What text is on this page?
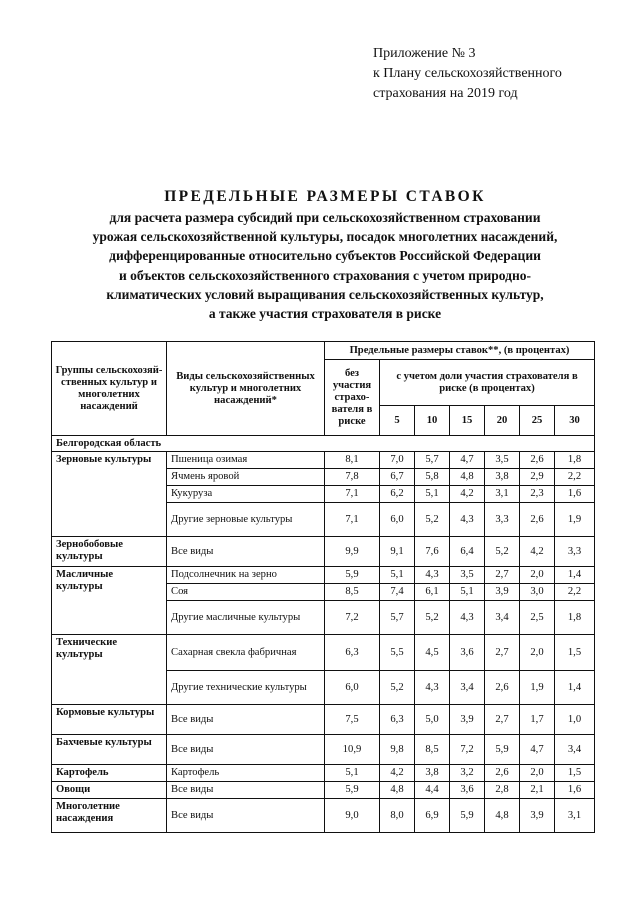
Приложение № 3
к Плану сельскохозяйственного
страхования на 2019 год
ПРЕДЕЛЬНЫЕ РАЗМЕРЫ СТАВОК
для расчета размера субсидий при сельскохозяйственном страховании
урожая сельскохозяйственной культуры, посадок многолетних насаждений,
дифференцированные относительно субъектов Российской Федерации
и объектов сельскохозяйственного страхования с учетом природно-
климатических условий выращивания сельскохозяйственных культур,
а также участия страхователя в риске
Группы сельскохозяй-ственных культур и многолетних насаждений	Виды сельскохозяйственных культур и многолетних насаждений*	Предельные размеры ставок**, (в процентах)						
		без участия страхо-вателя в риске	с учетом доли участия страхователя в риске (в процентах)					
			5	10	15	20	25	30
Белгородская область								
Зерновые культуры	Пшеница озимая	8,1	7,0	5,7	4,7	3,5	2,6	1,8
	Ячмень яровой	7,8	6,7	5,8	4,8	3,8	2,9	2,2
	Кукуруза	7,1	6,2	5,1	4,2	3,1	2,3	1,6
	Другие зерновые культуры	7,1	6,0	5,2	4,3	3,3	2,6	1,9
Зернобобовые культуры	Все виды	9,9	9,1	7,6	6,4	5,2	4,2	3,3
Масличные культуры	Подсолнечник на зерно	5,9	5,1	4,3	3,5	2,7	2,0	1,4
	Соя	8,5	7,4	6,1	5,1	3,9	3,0	2,2
	Другие масличные культуры	7,2	5,7	5,2	4,3	3,4	2,5	1,8
Технические культуры	Сахарная свекла фабричная	6,3	5,5	4,5	3,6	2,7	2,0	1,5
	Другие технические культуры	6,0	5,2	4,3	3,4	2,6	1,9	1,4
Кормовые культуры	Все виды	7,5	6,3	5,0	3,9	2,7	1,7	1,0
Бахчевые культуры	Все виды	10,9	9,8	8,5	7,2	5,9	4,7	3,4
Картофель	Картофель	5,1	4,2	3,8	3,2	2,6	2,0	1,5
Овощи	Все виды	5,9	4,8	4,4	3,6	2,8	2,1	1,6
Многолетние насаждения	Все виды	9,0	8,0	6,9	5,9	4,8	3,9	3,1
